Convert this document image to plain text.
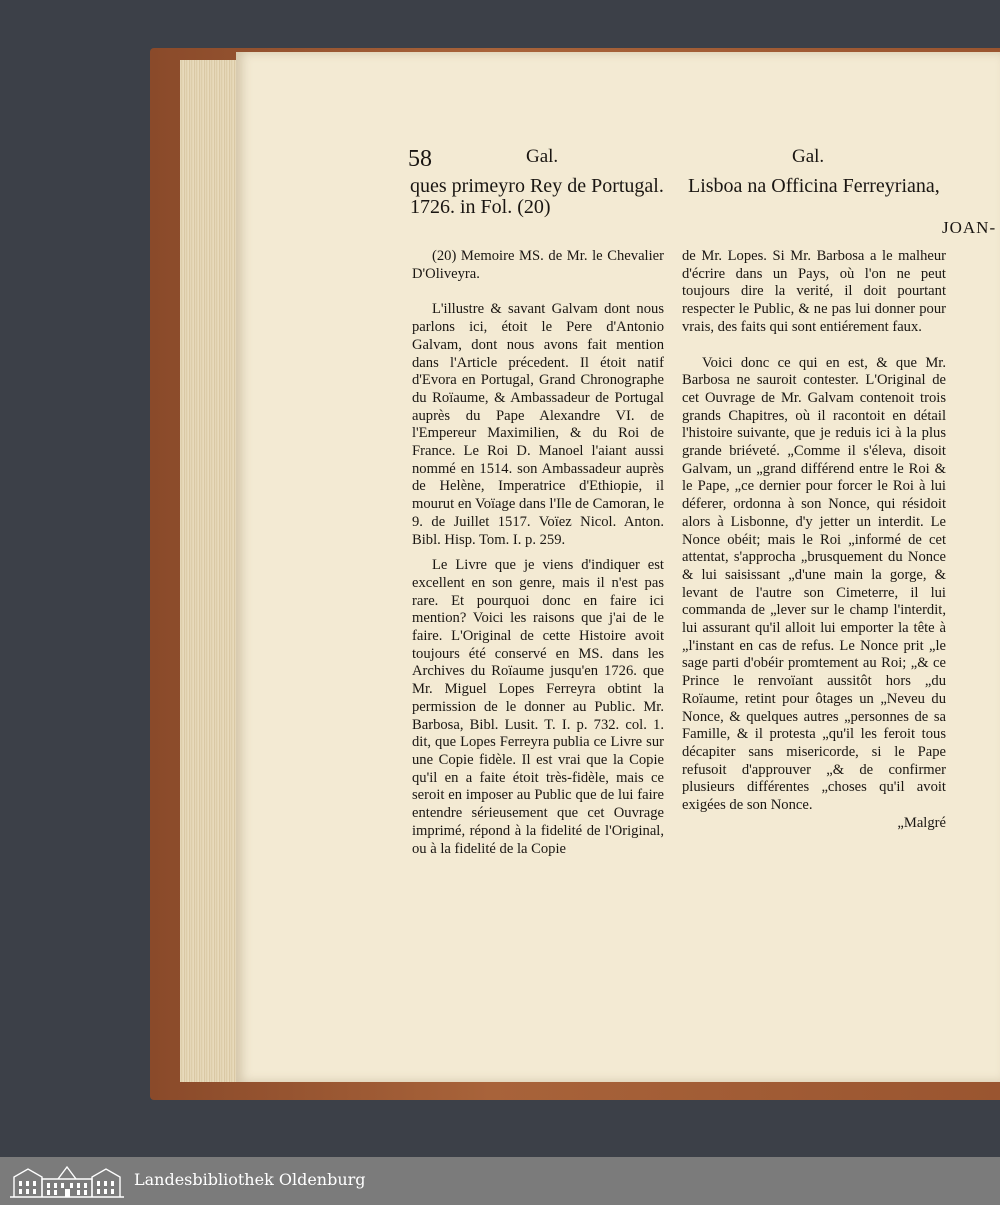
58	Gal.	Gal.
ques primeyro Rey de Portugal.
1726. in Fol. (20)
Lisboa na Officina Ferreyriana,
JOAN-

(20) Memoire MS. de Mr. le Chevalier D'Oliveyra.

L'illustre & savant Galvam dont nous parlons ici, étoit le Pere d'Antonio Galvam, dont nous avons fait mention dans l'Article précedent. Il étoit natif d'Evora en Portugal, Grand Chronographe du Roïaume, & Ambassadeur de Portugal auprès du Pape Alexandre VI. de l'Empereur Maximilien, & du Roi de France. Le Roi D. Manoel l'aiant aussi nommé en 1514. son Ambassadeur auprès de Helène, Imperatrice d'Ethiopie, il mourut en Voïage dans l'Ile de Camoran, le 9. de Juillet 1517. Voïez Nicol. Anton. Bibl. Hisp. Tom. I. p. 259.

Le Livre que je viens d'indiquer est excellent en son genre, mais il n'est pas rare. Et pourquoi donc en faire ici mention? Voici les raisons que j'ai de le faire. L'Original de cette Histoire avoit toujours été conservé en MS. dans les Archives du Roïaume jusqu'en 1726. que Mr. Miguel Lopes Ferreyra obtint la permission de le donner au Public. Mr. Barbosa, Bibl. Lusit. T. I. p. 732. col. 1. dit, que Lopes Ferreyra publia ce Livre sur une Copie fidèle. Il est vrai que la Copie qu'il en a faite étoit très-fidèle, mais ce seroit en imposer au Public que de lui faire entendre sérieusement que cet Ouvrage imprimé, répond à la fidelité de l'Original, ou à la fidelité de la Copie

de Mr. Lopes. Si Mr. Barbosa a le malheur d'écrire dans un Pays, où l'on ne peut toujours dire la verité, il doit pourtant respecter le Public, & ne pas lui donner pour vrais, des faits qui sont entiérement faux.

Voici donc ce qui en est, & que Mr. Barbosa ne sauroit contester. L'Original de cet Ouvrage de Mr. Galvam contenoit trois grands Chapitres, où il racontoit en détail l'histoire suivante, que je reduis ici à la plus grande briéveté. „Comme il s'éleva, disoit Galvam, un „grand différend entre le Roi & le Pape, „ce dernier pour forcer le Roi à lui déferer, ordonna à son Nonce, qui résidoit alors à Lisbonne, d'y jetter un interdit. Le Nonce obéit; mais le Roi „informé de cet attentat, s'approcha „brusquement du Nonce & lui saisissant „d'une main la gorge, & levant de l'autre son Cimeterre, il lui commanda de „lever sur le champ l'interdit, lui assurant qu'il alloit lui emporter la tête à „l'instant en cas de refus. Le Nonce prit „le sage parti d'obéir promtement au Roi; „& ce Prince le renvoïant aussitôt hors „du Roïaume, retint pour ôtages un „Neveu du Nonce, & quelques autres „personnes de sa Famille, & il protesta „qu'il les feroit tous décapiter sans misericorde, si le Pape refusoit d'approuver „& de confirmer plusieurs différentes „choses qu'il avoit exigées de son Nonce.

„Malgré

Landesbibliothek Oldenburg
